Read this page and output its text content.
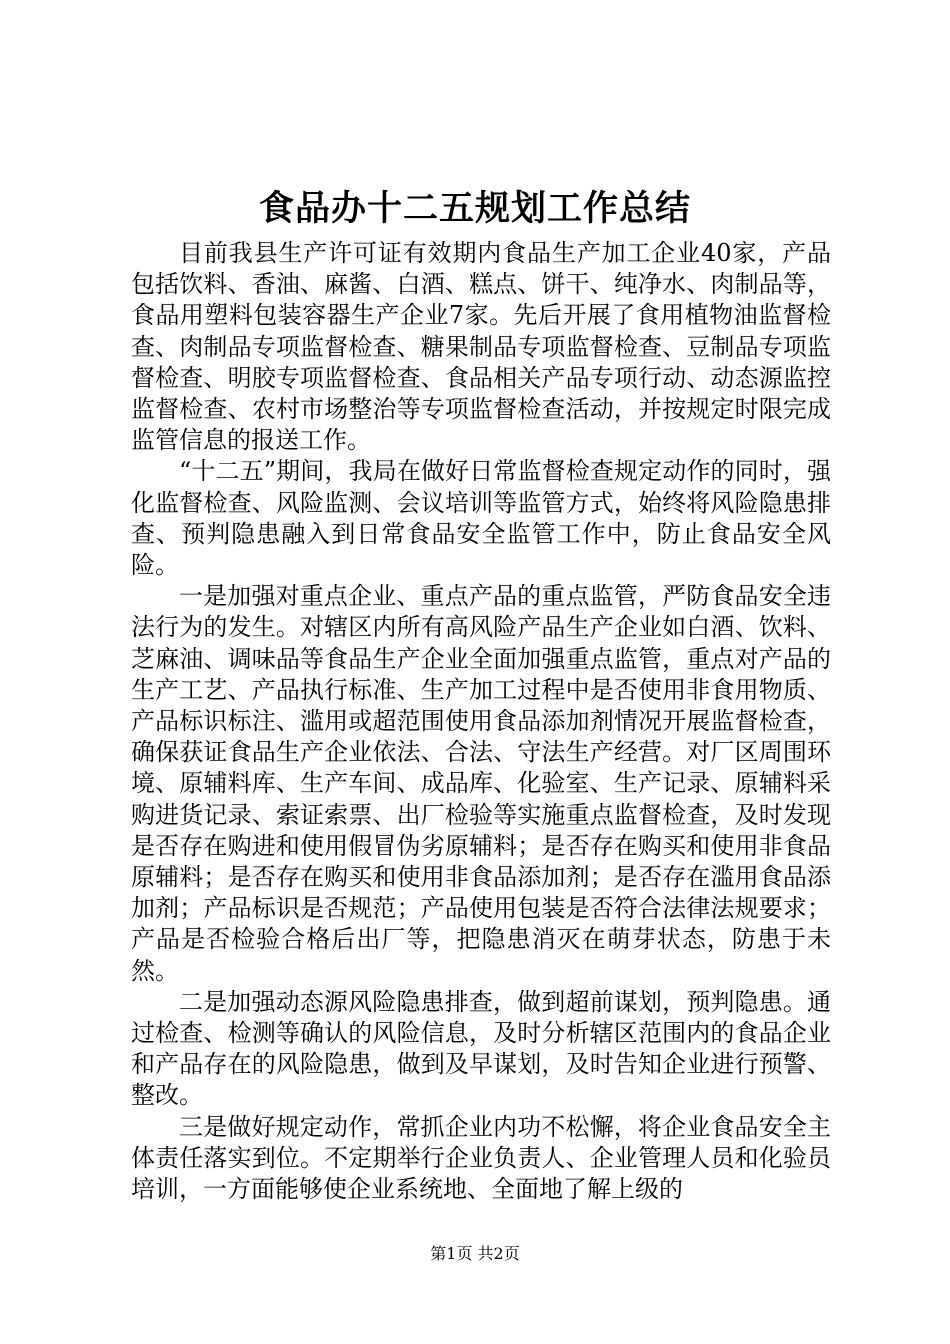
食品办十二五规划工作总结

目前我县生产许可证有效期内食品生产加工企业40家，产品包括饮料、香油、麻酱、白酒、糕点、饼干、纯净水、肉制品等，食品用塑料包装容器生产企业7家。先后开展了食用植物油监督检查、肉制品专项监督检查、糖果制品专项监督检查、豆制品专项监督检查、明胶专项监督检查、食品相关产品专项行动、动态源监控监督检查、农村市场整治等专项监督检查活动，并按规定时限完成监管信息的报送工作。

“十二五”期间，我局在做好日常监督检查规定动作的同时，强化监督检查、风险监测、会议培训等监管方式，始终将风险隐患排查、预判隐患融入到日常食品安全监管工作中，防止食品安全风险。

一是加强对重点企业、重点产品的重点监管，严防食品安全违法行为的发生。对辖区内所有高风险产品生产企业如白酒、饮料、芝麻油、调味品等食品生产企业全面加强重点监管，重点对产品的生产工艺、产品执行标准、生产加工过程中是否使用非食用物质、产品标识标注、滥用或超范围使用食品添加剂情况开展监督检查，确保获证食品生产企业依法、合法、守法生产经营。对厂区周围环境、原辅料库、生产车间、成品库、化验室、生产记录、原辅料采购进货记录、索证索票、出厂检验等实施重点监督检查，及时发现是否存在购进和使用假冒伪劣原辅料；是否存在购买和使用非食品原辅料；是否存在购买和使用非食品添加剂；是否存在滥用食品添加剂；产品标识是否规范；产品使用包装是否符合法律法规要求；产品是否检验合格后出厂等，把隐患消灭在萌芽状态，防患于未然。

二是加强动态源风险隐患排查，做到超前谋划，预判隐患。通过检查、检测等确认的风险信息，及时分析辖区范围内的食品企业和产品存在的风险隐患，做到及早谋划，及时告知企业进行预警、整改。

三是做好规定动作，常抓企业内功不松懈，将企业食品安全主体责任落实到位。不定期举行企业负责人、企业管理人员和化验员培训，一方面能够使企业系统地、全面地了解上级的

第1页 共2页
